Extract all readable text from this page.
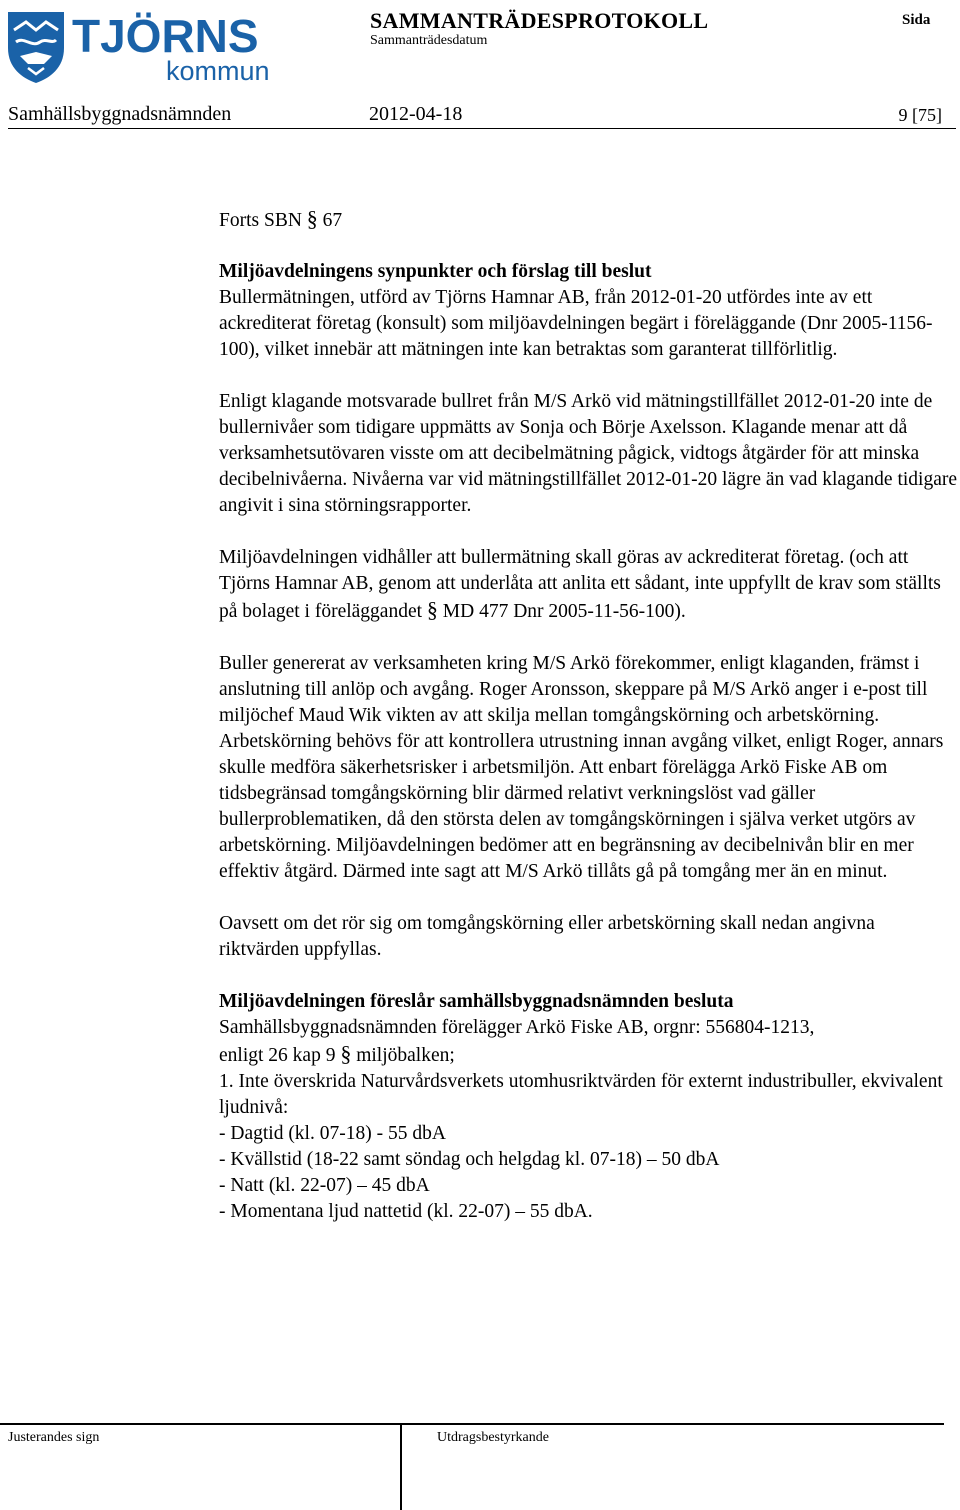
TJÖRNS
kommun
SAMMANTRÄDESPROTOKOLL
Sammanträdesdatum
Sida
Samhällsbyggnadsnämnden	2012-04-18	9 [75]

Forts SBN § 67

Miljöavdelningens synpunkter och förslag till beslut

Bullermätningen, utförd av Tjörns Hamnar AB, från 2012-01-20 utfördes inte av ett ackrediterat företag (konsult) som miljöavdelningen begärt i föreläggande (Dnr 2005-1156-100), vilket innebär att mätningen inte kan betraktas som garanterat tillförlitlig.

Enligt klagande motsvarade bullret från M/S Arkö vid mätningstillfället 2012-01-20 inte de bullernivåer som tidigare uppmätts av Sonja och Börje Axelsson. Klagande menar att då verksamhetsutövaren visste om att decibelmätning pågick, vidtogs åtgärder för att minska decibelnivåerna. Nivåerna var vid mätningstillfället 2012-01-20 lägre än vad klagande tidigare angivit i sina störningsrapporter.

Miljöavdelningen vidhåller att bullermätning skall göras av ackrediterat företag. (och att Tjörns Hamnar AB, genom att underlåta att anlita ett sådant, inte uppfyllt de krav som ställts på bolaget i föreläggandet § MD 477 Dnr 2005-11-56-100).

Buller genererat av verksamheten kring M/S Arkö förekommer, enligt klaganden, främst i anslutning till anlöp och avgång. Roger Aronsson, skeppare på M/S Arkö anger i e-post till miljöchef Maud Wik vikten av att skilja mellan tomgångskörning och arbetskörning. Arbetskörning behövs för att kontrollera utrustning innan avgång vilket, enligt Roger, annars skulle medföra säkerhetsrisker i arbetsmiljön. Att enbart förelägga Arkö Fiske AB om tidsbegränsad tomgångskörning blir därmed relativt verkningslöst vad gäller bullerproblematiken, då den största delen av tomgångskörningen i själva verket utgörs av arbetskörning. Miljöavdelningen bedömer att en begränsning av decibelnivån blir en mer effektiv åtgärd. Därmed inte sagt att M/S Arkö tillåts gå på tomgång mer än en minut.

Oavsett om det rör sig om tomgångskörning eller arbetskörning skall nedan angivna riktvärden uppfyllas.

Miljöavdelningen föreslår samhällsbyggnadsnämnden besluta

Samhällsbyggnadsnämnden förelägger Arkö Fiske AB, orgnr: 556804-1213,

enligt 26 kap 9 § miljöbalken;

1. Inte överskrida Naturvårdsverkets utomhusriktvärden för externt industribuller, ekvivalent ljudnivå:

- Dagtid (kl. 07-18) - 55 dbA

- Kvällstid (18-22 samt söndag och helgdag kl. 07-18) – 50 dbA

- Natt (kl. 22-07) – 45 dbA

- Momentana ljud nattetid (kl. 22-07) – 55 dbA.

Justerandes sign	Utdragsbestyrkande
